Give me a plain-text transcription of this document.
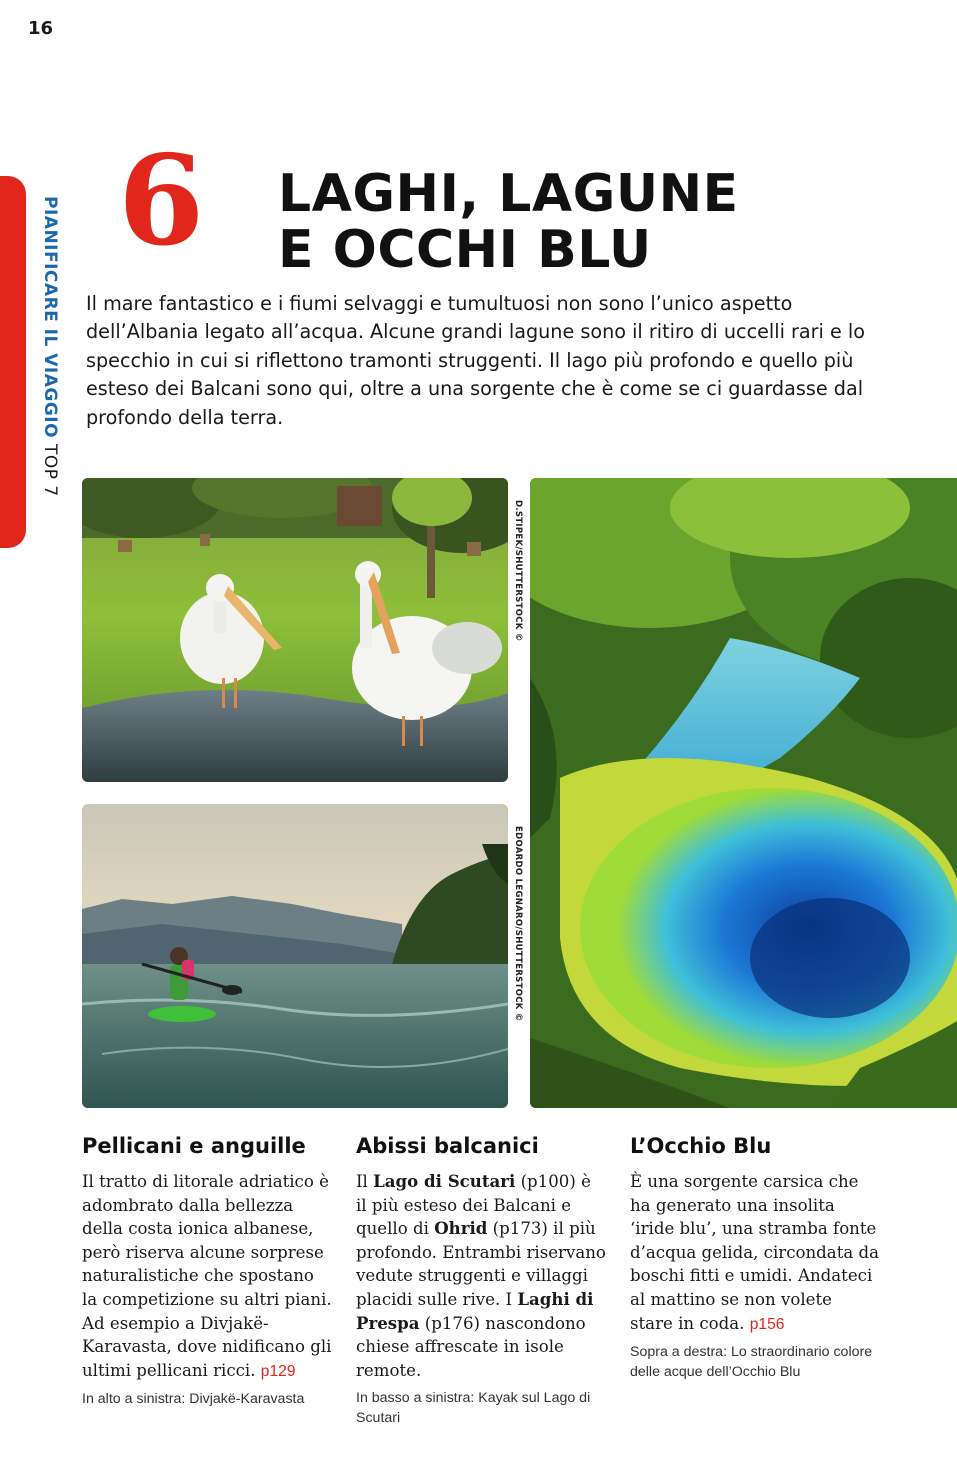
16
PIANIFICARE IL VIAGGIO TOP 7
6 LAGHI, LAGUNE
E OCCHI BLU
Il mare fantastico e i fiumi selvaggi e tumultuosi non sono l’unico aspetto dell’Albania legato all’acqua. Alcune grandi lagune sono il ritiro di uccelli rari e lo specchio in cui si riflettono tramonti struggenti. Il lago più profondo e quello più esteso dei Balcani sono qui, oltre a una sorgente che è come se ci guardasse dal profondo della terra.
D.STIPEK/SHUTTERSTOCK ©
EDOARDO LEGNARO/SHUTTERSTOCK ©
Pellicani e anguille
Il tratto di litorale adriatico è adombrato dalla bellezza della costa ionica albanese, però riserva alcune sorprese naturalistiche che spostano la competizione su altri piani. Ad esempio a Divjakë-Karavasta, dove nidificano gli ultimi pellicani ricci. p129
In alto a sinistra: Divjakë-Karavasta
Abissi balcanici
Il Lago di Scutari (p100) è il più esteso dei Balcani e quello di Ohrid (p173) il più profondo. Entrambi riservano vedute struggenti e villaggi placidi sulle rive. I Laghi di Prespa (p176) nascondono chiese affrescate in isole remote.
In basso a sinistra: Kayak sul Lago di Scutari
L’Occhio Blu
È una sorgente carsica che ha generato una insolita ‘iride blu’, una stramba fonte d’acqua gelida, circondata da boschi fitti e umidi. Andateci al mattino se non volete stare in coda. p156
Sopra a destra: Lo straordinario colore delle acque dell’Occhio Blu
